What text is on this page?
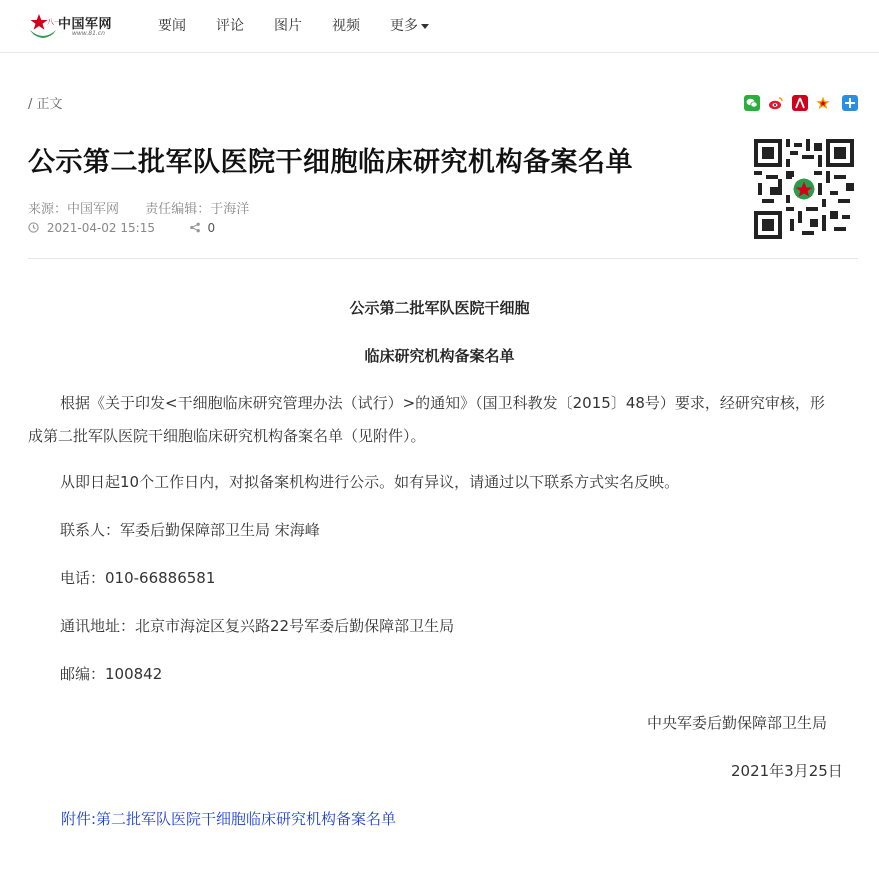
八一
中国军网
www.81.cn	要闻 评论 图片 视频 更多
/ 正文
公示第二批军队医院干细胞临床研究机构备案名单
来源：中国军网 责任编辑：于海洋
2021-04-02 15:15	0
公示第二批军队医院干细胞
临床研究机构备案名单
根据《关于印发<干细胞临床研究管理办法（试行）>的通知》（国卫科教发〔2015〕48号）要求，经研究审核，形成第二批军队医院干细胞临床研究机构备案名单（见附件）。
从即日起10个工作日内，对拟备案机构进行公示。如有异议，请通过以下联系方式实名反映。
联系人：军委后勤保障部卫生局 宋海峰
电话：010-66886581
通讯地址：北京市海淀区复兴路22号军委后勤保障部卫生局
邮编：100842
中央军委后勤保障部卫生局
2021年3月25日
附件:第二批军队医院干细胞临床研究机构备案名单
